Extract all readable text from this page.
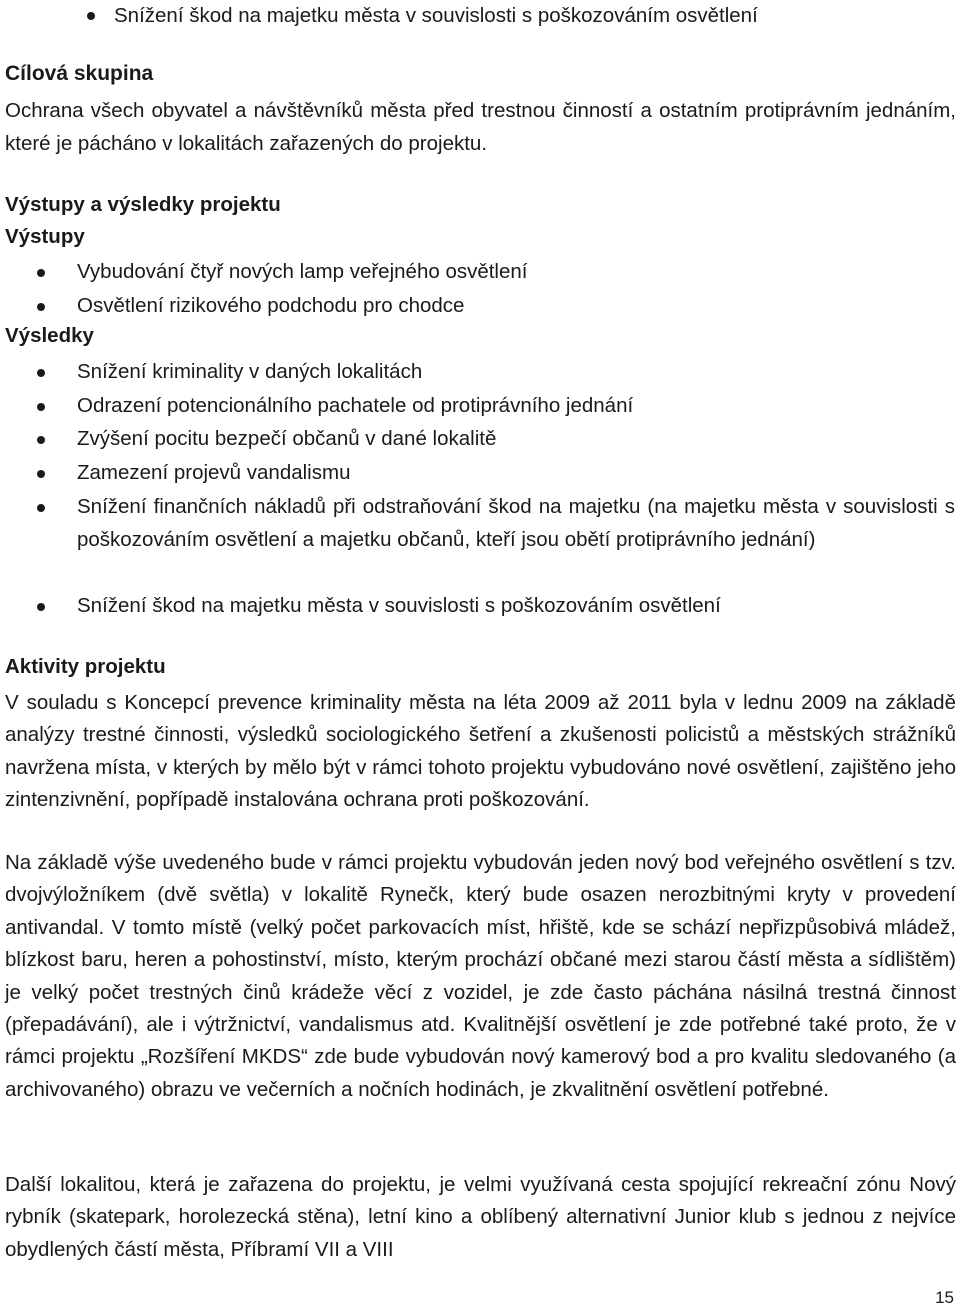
Snížení škod na majetku města v souvislosti s poškozováním osvětlení
Cílová skupina
Ochrana všech obyvatel a návštěvníků města před trestnou činností a ostatním protiprávním jednáním, které je pácháno v lokalitách zařazených do projektu.
Výstupy a výsledky projektu
Výstupy
Vybudování čtyř nových lamp veřejného osvětlení
Osvětlení rizikového podchodu pro chodce
Výsledky
Snížení kriminality v daných lokalitách
Odrazení potencionálního pachatele od protiprávního jednání
Zvýšení pocitu bezpečí občanů v dané lokalitě
Zamezení projevů vandalismu
Snížení finančních nákladů při odstraňování škod na majetku (na majetku města v souvislosti s poškozováním osvětlení a majetku občanů, kteří jsou obětí protiprávního jednání)
Snížení škod na majetku města v souvislosti s poškozováním osvětlení
Aktivity projektu
V souladu s Koncepcí prevence kriminality města na léta 2009 až 2011 byla v lednu 2009 na základě analýzy trestné činnosti, výsledků sociologického šetření a zkušenosti policistů a městských strážníků navržena místa, v kterých by mělo být v rámci tohoto projektu vybudováno nové osvětlení, zajištěno jeho zintenzivnění, popřípadě instalována ochrana proti poškozování.
Na základě výše uvedeného bude v rámci projektu vybudován jeden nový bod veřejného osvětlení s tzv. dvojvýložníkem (dvě světla) v lokalitě Rynečk, který bude osazen nerozbitnými kryty v provedení antivandal. V tomto místě (velký počet parkovacích míst, hřiště, kde se schází nepřizpůsobivá mládež, blízkost baru, heren a pohostinství, místo, kterým prochází občané mezi starou částí města a sídlištěm) je velký počet trestných činů krádeže věcí z vozidel, je zde často páchána násilná trestná činnost (přepadávání), ale i výtržnictví, vandalismus atd. Kvalitnější osvětlení je zde potřebné také proto, že v rámci projektu „Rozšíření MKDS“ zde bude vybudován nový kamerový bod a pro kvalitu sledovaného (a archivovaného) obrazu ve večerních a nočních hodinách, je zkvalitnění osvětlení potřebné.
Další lokalitou, která je zařazena do projektu, je velmi využívaná cesta spojující rekreační zónu Nový rybník (skatepark, horolezecká stěna), letní kino a oblíbený alternativní Junior klub s jednou z nejvíce obydlených částí města, Příbramí VII a VIII
15
